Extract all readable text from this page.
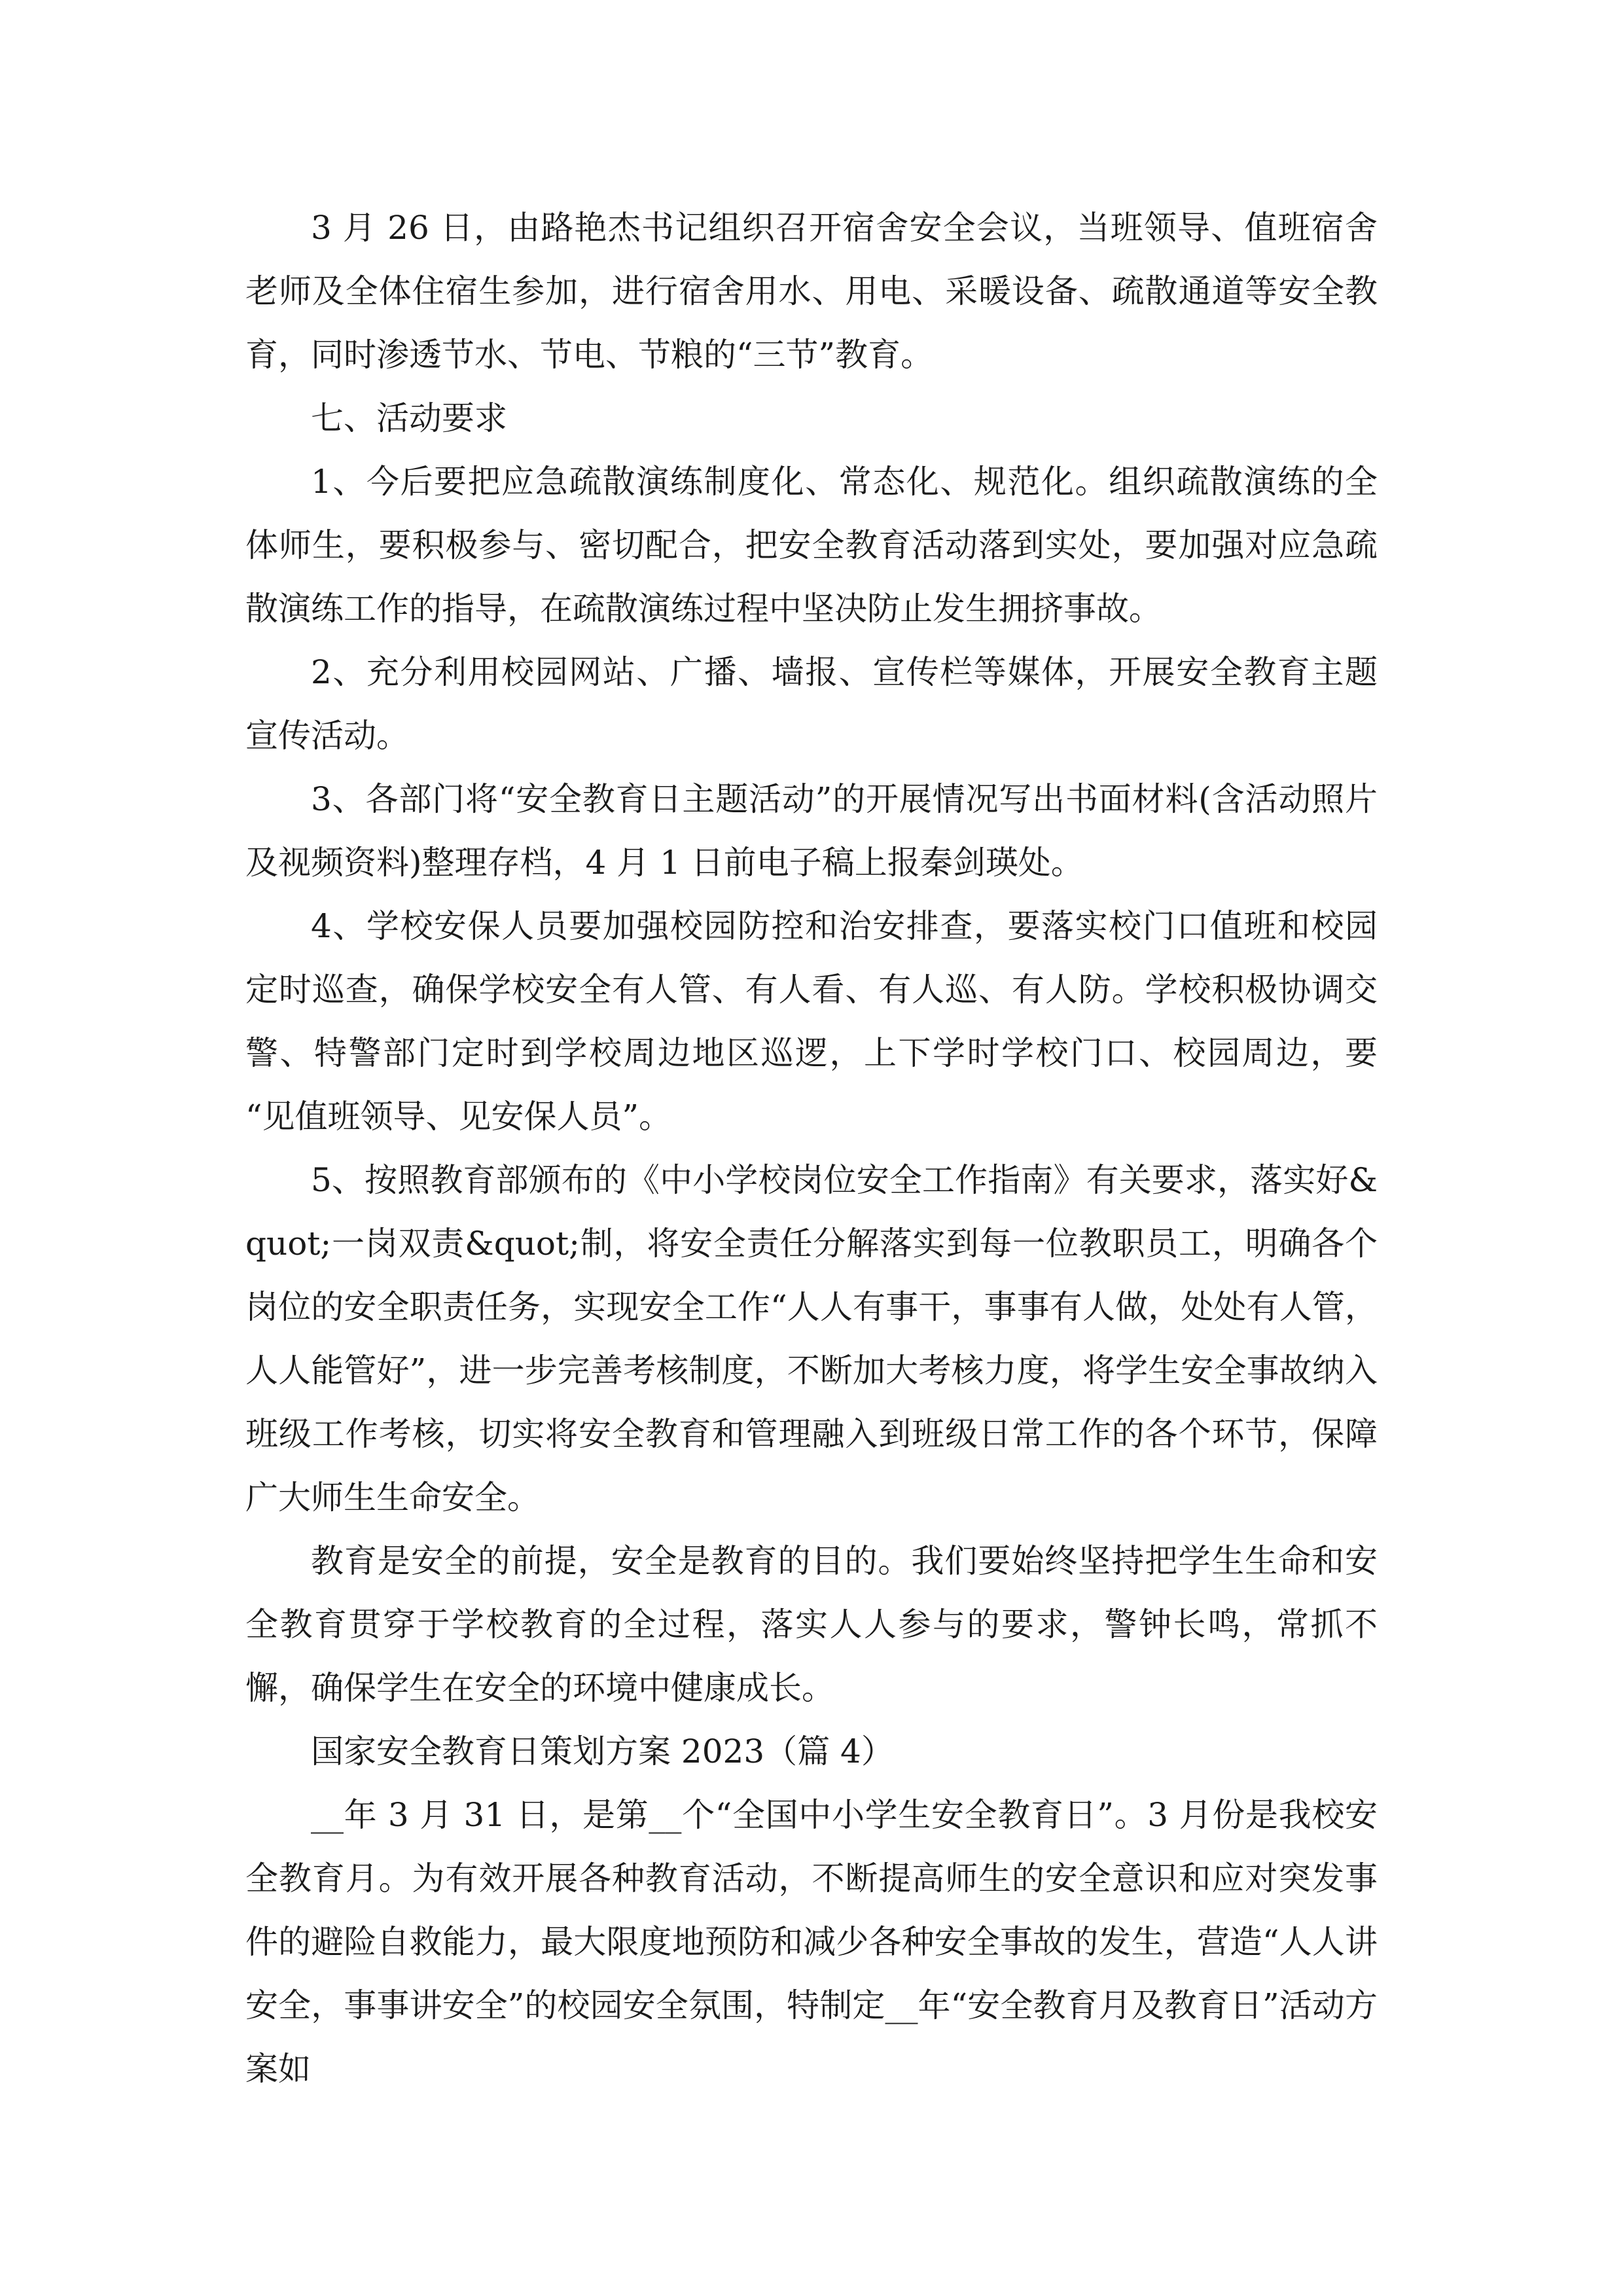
3 月 26 日，由路艳杰书记组织召开宿舍安全会议，当班领导、值班宿舍老师及全体住宿生参加，进行宿舍用水、用电、采暖设备、疏散通道等安全教育，同时渗透节水、节电、节粮的“三节”教育。

七、活动要求

1、今后要把应急疏散演练制度化、常态化、规范化。组织疏散演练的全体师生，要积极参与、密切配合，把安全教育活动落到实处，要加强对应急疏散演练工作的指导，在疏散演练过程中坚决防止发生拥挤事故。

2、充分利用校园网站、广播、墙报、宣传栏等媒体，开展安全教育主题宣传活动。

3、各部门将“安全教育日主题活动”的开展情况写出书面材料(含活动照片及视频资料)整理存档，4 月 1 日前电子稿上报秦剑瑛处。

4、学校安保人员要加强校园防控和治安排查，要落实校门口值班和校园定时巡查，确保学校安全有人管、有人看、有人巡、有人防。学校积极协调交警、特警部门定时到学校周边地区巡逻，上下学时学校门口、校园周边，要 “见值班领导、见安保人员”。

5、按照教育部颁布的《中小学校岗位安全工作指南》有关要求，落实好&quot;一岗双责&quot;制，将安全责任分解落实到每一位教职员工，明确各个岗位的安全职责任务，实现安全工作“人人有事干，事事有人做，处处有人管，人人能管好”，进一步完善考核制度，不断加大考核力度，将学生安全事故纳入班级工作考核，切实将安全教育和管理融入到班级日常工作的各个环节，保障广大师生生命安全。

教育是安全的前提，安全是教育的目的。我们要始终坚持把学生生命和安全教育贯穿于学校教育的全过程，落实人人参与的要求，警钟长鸣，常抓不懈，确保学生在安全的环境中健康成长。

国家安全教育日策划方案 2023（篇 4）

__年 3 月 31 日，是第__个“全国中小学生安全教育日”。3 月份是我校安全教育月。为有效开展各种教育活动，不断提高师生的安全意识和应对突发事件的避险自救能力，最大限度地预防和减少各种安全事故的发生，营造“人人讲安全，事事讲安全”的校园安全氛围，特制定__年“安全教育月及教育日”活动方案如
